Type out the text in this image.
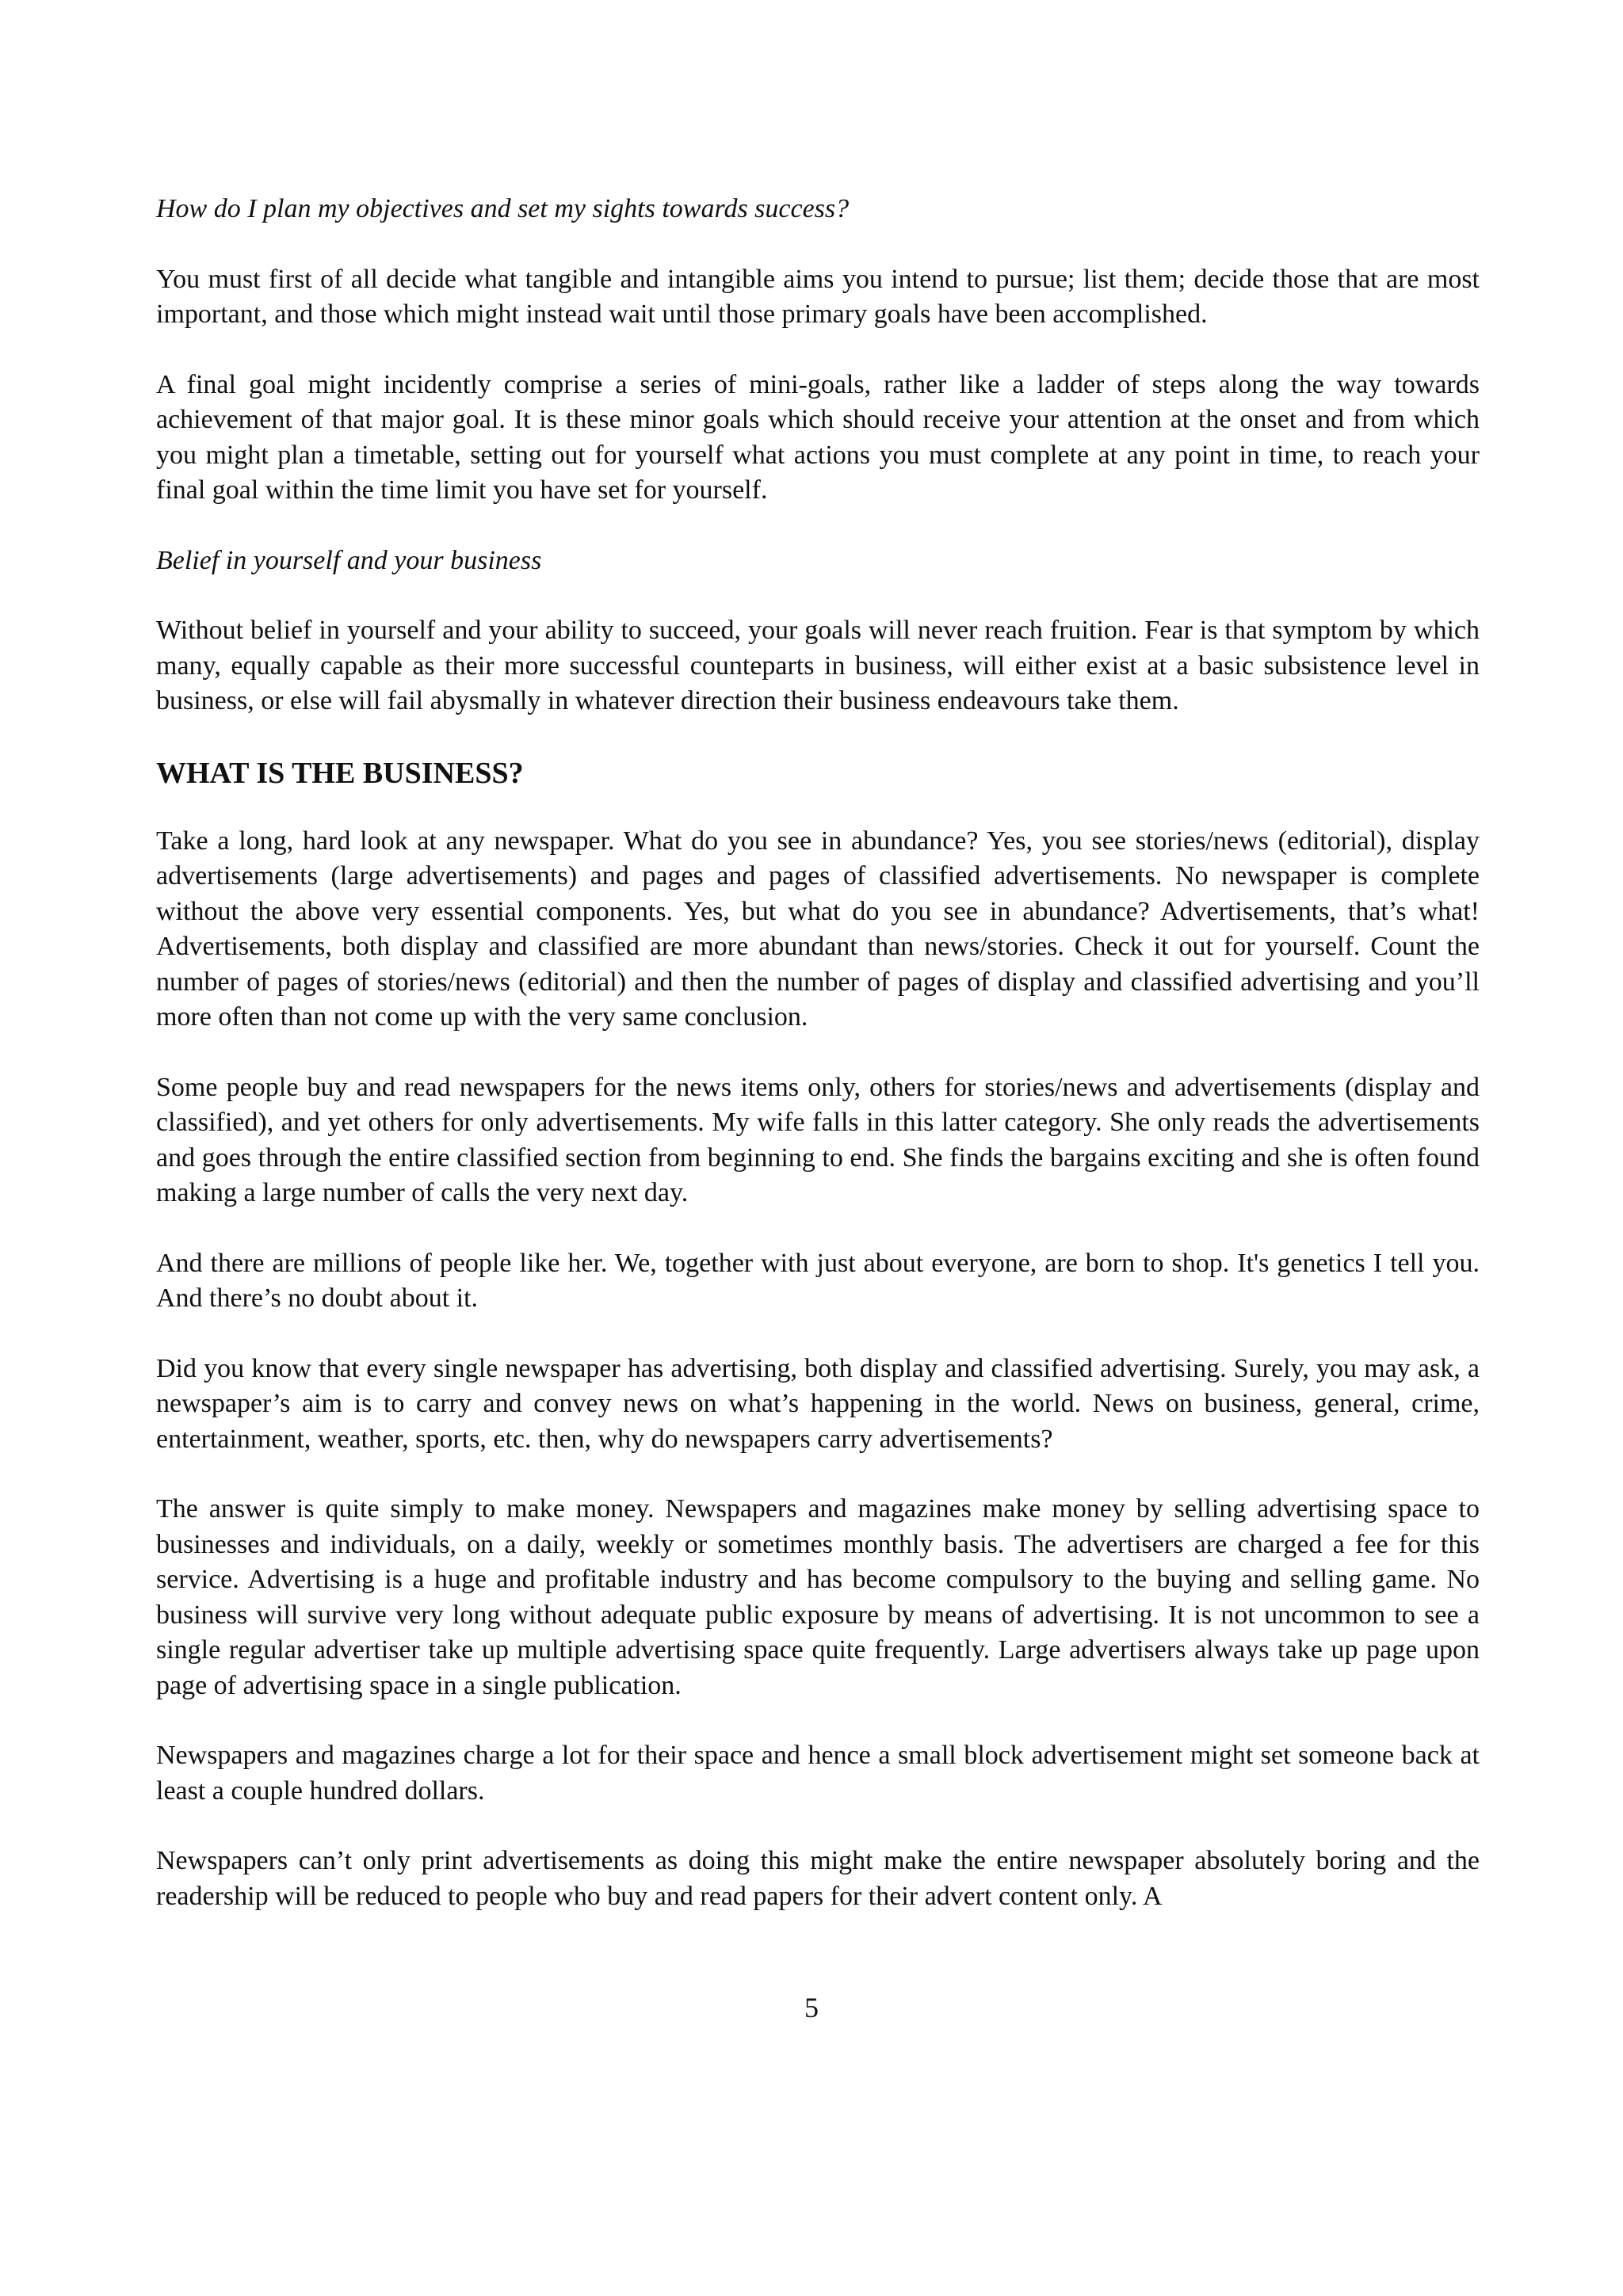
How do I plan my objectives and set my sights towards success?

You must first of all decide what tangible and intangible aims you intend to pursue; list them; decide those that are most important, and those which might instead wait until those primary goals have been accomplished.

A final goal might incidently comprise a series of mini-goals, rather like a ladder of steps along the way towards achievement of that major goal. It is these minor goals which should receive your attention at the onset and from which you might plan a timetable, setting out for yourself what actions you must complete at any point in time, to reach your final goal within the time limit you have set for yourself.

Belief in yourself and your business

Without belief in yourself and your ability to succeed, your goals will never reach fruition. Fear is that symptom by which many, equally capable as their more successful counteparts in business, will either exist at a basic subsistence level in business, or else will fail abysmally in whatever direction their business endeavours take them.

WHAT IS THE BUSINESS?

Take a long, hard look at any newspaper. What do you see in abundance? Yes, you see stories/news (editorial), display advertisements (large advertisements) and pages and pages of classified advertisements. No newspaper is complete without the above very essential components. Yes, but what do you see in abundance? Advertisements, that’s what! Advertisements, both display and classified are more abundant than news/stories. Check it out for yourself. Count the number of pages of stories/news (editorial) and then the number of pages of display and classified advertising and you’ll more often than not come up with the very same conclusion.

Some people buy and read newspapers for the news items only, others for stories/news and advertisements (display and classified), and yet others for only advertisements. My wife falls in this latter category. She only reads the advertisements and goes through the entire classified section from beginning to end. She finds the bargains exciting and she is often found making a large number of calls the very next day.

And there are millions of people like her. We, together with just about everyone, are born to shop. It's genetics I tell you. And there’s no doubt about it.

Did you know that every single newspaper has advertising, both display and classified advertising. Surely, you may ask, a newspaper’s aim is to carry and convey news on what’s happening in the world. News on business, general, crime, entertainment, weather, sports, etc. then, why do newspapers carry advertisements?

The answer is quite simply to make money. Newspapers and magazines make money by selling advertising space to businesses and individuals, on a daily, weekly or sometimes monthly basis. The advertisers are charged a fee for this service. Advertising is a huge and profitable industry and has become compulsory to the buying and selling game. No business will survive very long without adequate public exposure by means of advertising. It is not uncommon to see a single regular advertiser take up multiple advertising space quite frequently. Large advertisers always take up page upon page of advertising space in a single publication.

Newspapers and magazines charge a lot for their space and hence a small block advertisement might set someone back at least a couple hundred dollars.

Newspapers can’t only print advertisements as doing this might make the entire newspaper absolutely boring and the readership will be reduced to people who buy and read papers for their advert content only. A

5
